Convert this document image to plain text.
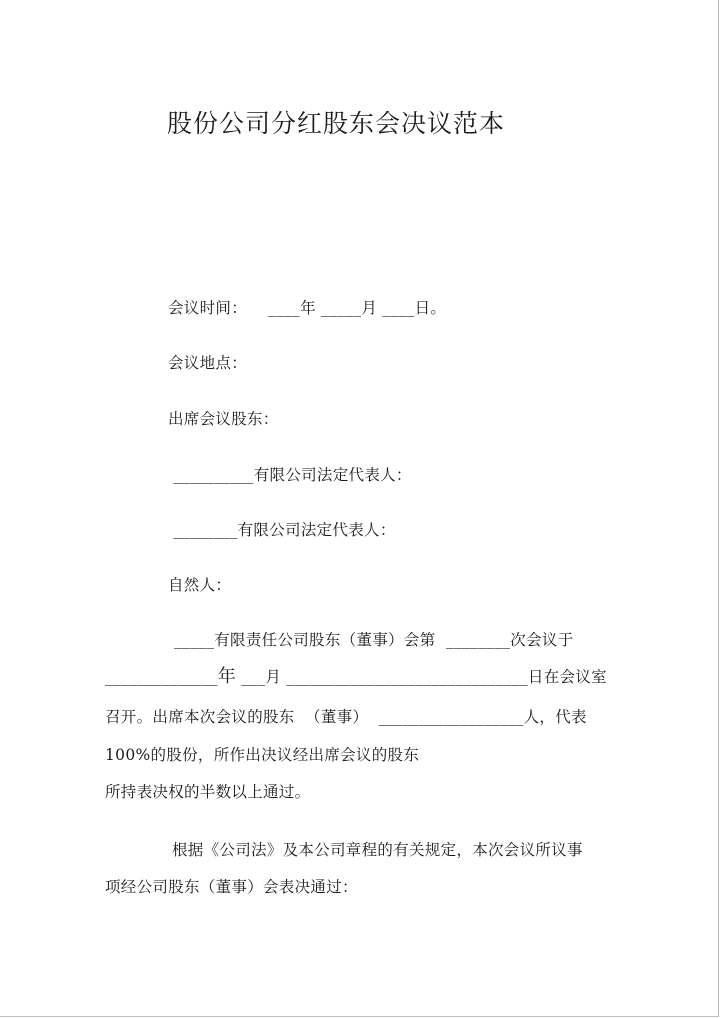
股份公司分红股东会决议范本
会议时间：    ____年 _____月 ____日。
会议地点：
出席会议股东：
__________有限公司法定代表人：
________有限公司法定代表人：
自然人：
_____有限责任公司股东（董事）会第  ________次会议于
______________年 ___月 ______________________________日在会议室
召开。出席本次会议的股东  （董事）  __________________人，代表
100%的股份，所作出决议经出席会议的股东
所持表决权的半数以上通过。
根据《公司法》及本公司章程的有关规定，本次会议所议事
项经公司股东（董事）会表决通过：
